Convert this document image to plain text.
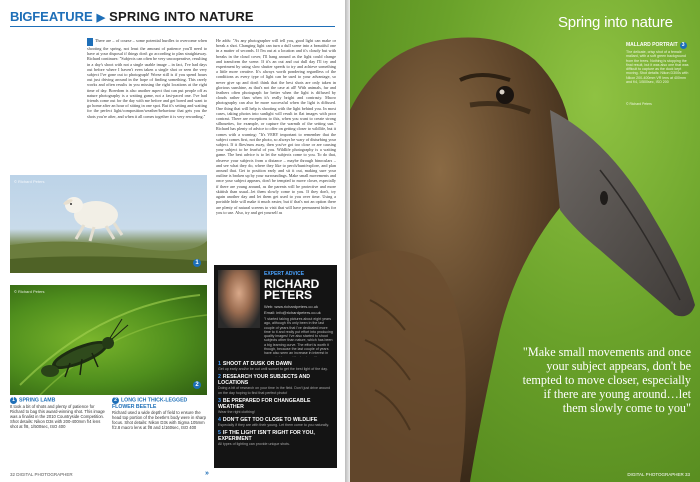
BIG FEATURE ▶ SPRING INTO NATURE
There are – of course – some potential hurdles to overcome when shooting the spring, not least the amount of patience you'll need to have at your disposal if things don't go according to plan straightaway. Richard continues: "Subjects can often be very uncooperative, resulting in a day's shoot with not a single usable image – in fact, I've had days out before where I haven't even taken a single shot or seen the very subject I've gone out to photograph! Worse still is if you spend hours out just driving around in the hope of finding something. This rarely works and often results in you missing the right locations at the right time of day. Boredom is also another aspect that can put people off as nature photography is a waiting game, not a fast-paced one. I've had friends come out for the day with me before and get bored and want to go home after an hour of sitting in one spot. But it's setting and waiting for the perfect light/composition/weather/behaviour that gets you the shots you're after, and when it all comes together it is very rewarding."
He adds: "As any photographer will tell you, good light can make or break a shot. Changing light can turn a dull scene into a beautiful one in a matter of seconds. If I'm out at a location and it's cloudy but with breaks in the cloud cover, I'll hang around as the light could change and transform the scene. If it's an out and out dull day I'll try and experiment by using slow shutter speeds to try and achieve something a little more creative. It's always worth pondering regardless of the conditions as every type of light can be used to your advantage, so never give up and don't think that the best shots are only taken in glorious sunshine, as that's not the case at all! With animals, fur and feathers often photograph far better when the light is diffused by clouds rather than when it's really bright and contrasty. Macro photography can also be more successful when the light is diffused. One thing that will help is shooting with the light behind you. In most cases, taking photos into sunlight will result in flat images with poor contrast. There are exceptions to this, when you want to create strong silhouettes, for example, or capture the warmth of the setting sun." Richard has plenty of advice to offer on getting closer to wildlife, but it comes with a warning: "It's VERY important to remember that the subject comes first, not the photo, so always be wary of disturbing your subject. If it flies/runs away, then you've got too close or are causing your subject to be fearful of you. Wildlife photography is a waiting game. The best advice is to let the subjects come to you. To do that, observe your subjects from a distance – maybe through binoculars – and see what they do, where they like to perch/hunt/explore, and plan around that. Get to position early and sit it out, making sure your outline is broken up by your surroundings. Make small movements and once your subject appears, don't be tempted to move closer, especially if there are young around, as the parents will be protective and more skittish than usual...let them slowly come to you. If they don't, try again another day and let them get used to you over time. Using a portable hide will make it much easier, but if that's not an option there are plenty of natural screens to visit that will have permanent hides for you to use. Also, try and get yourself as
© Richard Peters
1
© Richard Peters
2
1 SPRING LAMB
It took a bit of shots and plenty of patience for Richard to bag this award-winning shot. This image was a finalist in the 2010 Countryside Competition. Shot details: Nikon D3s with 200-400mm f/4 lens shot at f/8, 1/500sec, ISO 400
2 LONG ICH THICK-LEGGED FLOWER BEETLE
Richard used a wide depth of field to ensure the head top portion of the beetle's body were in sharp focus. Shot details: Nikon D3s with Sigma 105mm f/2.8 macro lens at f/8 and 1/160sec, ISO 400
EXPERT ADVICE
RICHARD
PETERS
Web: www.richardpeters.co.uk
Email: info@richardpeters.co.uk
"I started taking pictures about eight years ago, although it's only been in the last couple of years that I've dedicated more time to it and really put effort into producing quality images! I've also started to shoot subjects other than nature, which has been a big learning curve. The effort is worth it though, because the last couple of years have also seen an increase in interest in
1 SHOOT AT DUSK OR DAWN
Get up early and/or be out until sunset to get the best light of the day.
2 RESEARCH YOUR SUBJECTS AND LOCATIONS
Doing a bit of research on your time in the field. Don't just drive around on the day hoping to find that perfect photo!
3 BE PREPARED FOR CHANGEABLE WEATHER
Wear the right clothing!
4 DON'T GET TOO CLOSE TO WILDLIFE
Especially if they are with their young. Let them come to you naturally.
5 IF THE LIGHT ISN'T RIGHT FOR YOU, EXPERIMENT
All types of lighting can provide unique shots.
»
32 DIGITAL PHOTOGRAPHER
Spring into nature
MALLARD PORTRAIT 3
The delicate, crisp shot of a female mallard, with a soft green background from the trees. Nothing is stopping the final result, but it was also one that was difficult to capture as the duck kept moving. Shot details: Nikon D300s with Nikon 200-400mm VR lens at 400mm and f/4, 1/500sec, ISO 200
© Richard Peters
"Make small movements and once your subject appears, don't be tempted to move closer, especially if there are young around…let them slowly come to you"
DIGITAL PHOTOGRAPHER 33
